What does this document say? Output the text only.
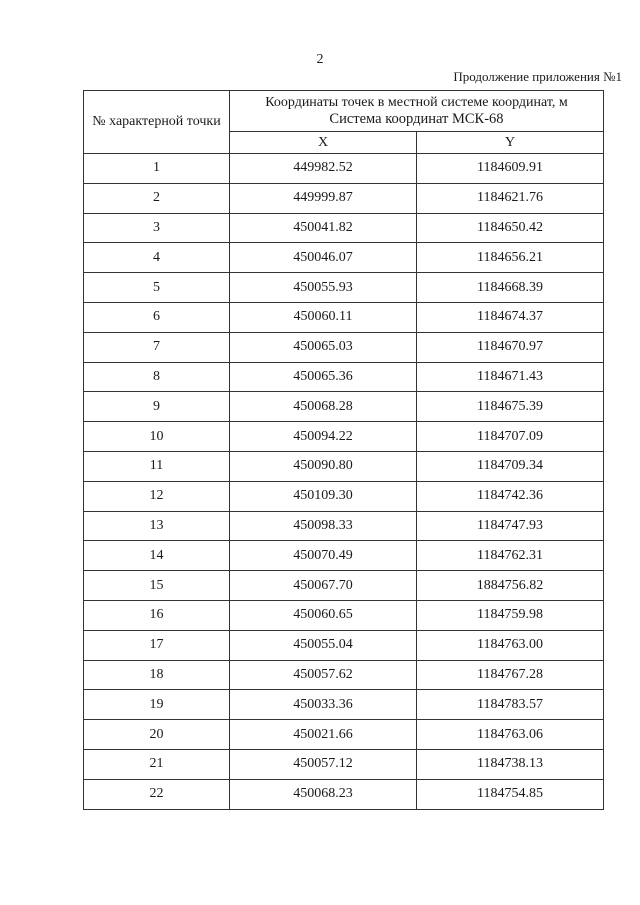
2
Продолжение приложения №1
№ характерной точки	Координаты точек в местной системе координат, м
Система координат МСК-68	

	X	Y
1	449982.52	1184609.91
2	449999.87	1184621.76
3	450041.82	1184650.42
4	450046.07	1184656.21
5	450055.93	1184668.39
6	450060.11	1184674.37
7	450065.03	1184670.97
8	450065.36	1184671.43
9	450068.28	1184675.39
10	450094.22	1184707.09
11	450090.80	1184709.34
12	450109.30	1184742.36
13	450098.33	1184747.93
14	450070.49	1184762.31
15	450067.70	1884756.82
16	450060.65	1184759.98
17	450055.04	1184763.00
18	450057.62	1184767.28
19	450033.36	1184783.57
20	450021.66	1184763.06
21	450057.12	1184738.13
22	450068.23	1184754.85
